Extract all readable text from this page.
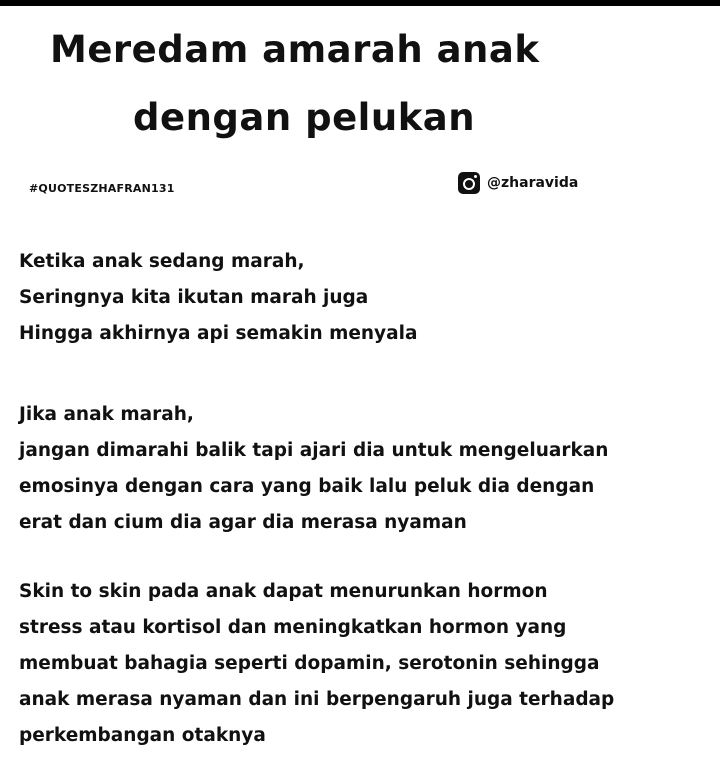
Meredam amarah anak
dengan pelukan
#QUOTESZHAFRAN131	@zharavida

Ketika anak sedang marah,
Seringnya kita ikutan marah juga
Hingga akhirnya api semakin menyala

Jika anak marah,
jangan dimarahi balik tapi ajari dia untuk mengeluarkan
emosinya dengan cara yang baik lalu peluk dia dengan
erat dan cium dia agar dia merasa nyaman

Skin to skin pada anak dapat menurunkan hormon
stress atau kortisol dan meningkatkan hormon yang
membuat bahagia seperti dopamin, serotonin sehingga
anak merasa nyaman dan ini berpengaruh juga terhadap
perkembangan otaknya
